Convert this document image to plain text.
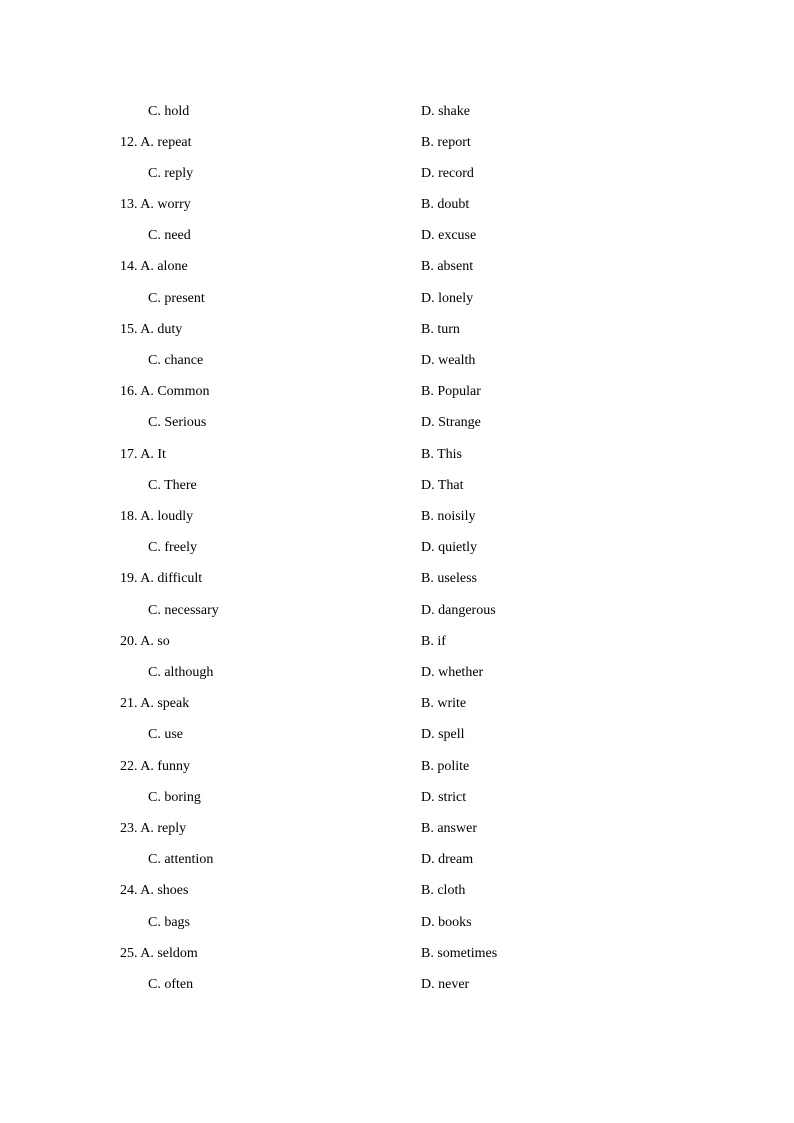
C. hold	D. shake
12. A. repeat	B. report
C. reply	D. record
13. A. worry	B. doubt
C. need	D. excuse
14. A. alone	B. absent
C. present	D. lonely
15. A. duty	B. turn
C. chance	D. wealth
16. A. Common	B. Popular
C. Serious	D. Strange
17. A. It	B. This
C. There	D. That
18. A. loudly	B. noisily
C. freely	D. quietly
19. A. difficult	B. useless
C. necessary	D. dangerous
20. A. so	B. if
C. although	D. whether
21. A. speak	B. write
C. use	D. spell
22. A. funny	B. polite
C. boring	D. strict
23. A. reply	B. answer
C. attention	D. dream
24. A. shoes	B. cloth
C. bags	D. books
25. A. seldom	B. sometimes
C. often	D. never
